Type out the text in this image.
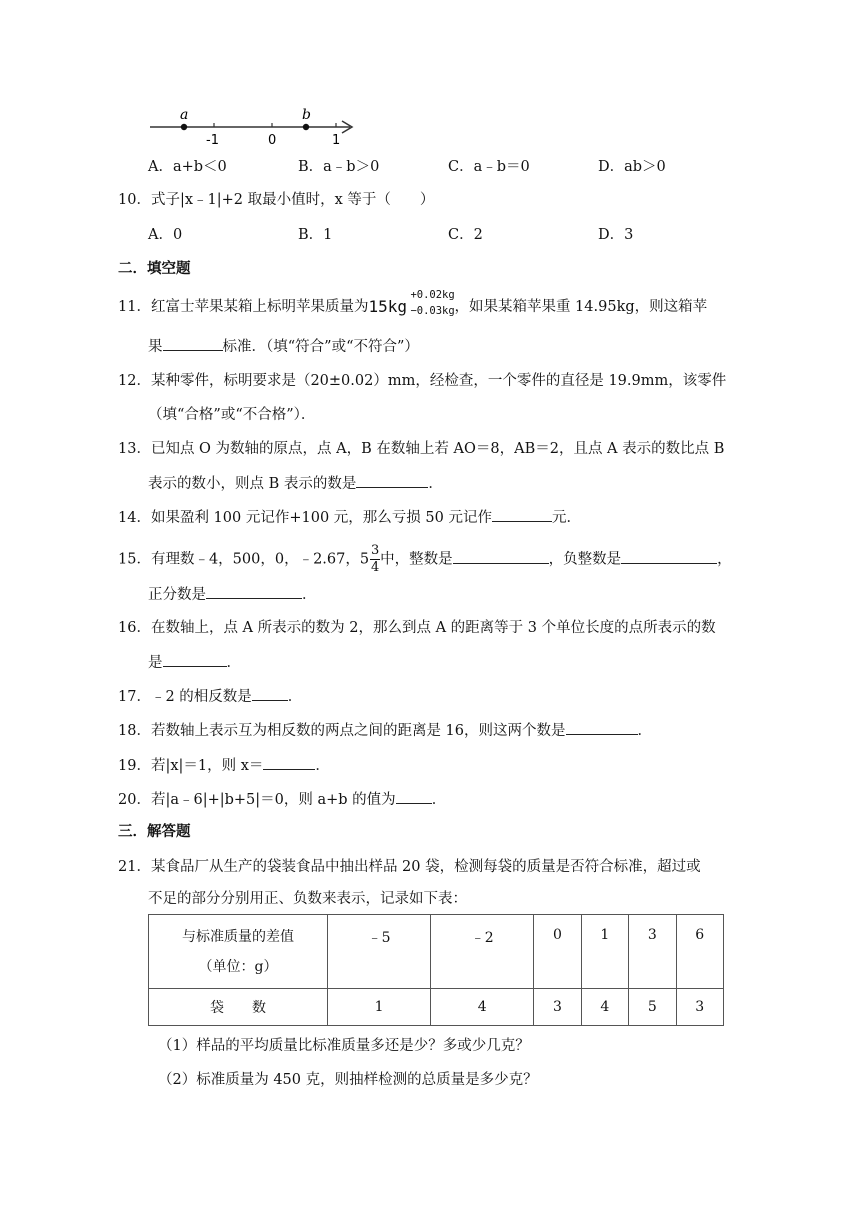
a	b
-1	0	1
A．a+b＜0	B．a﹣b＞0	C．a﹣b＝0	D．ab＞0
10．式子|x﹣1|+2 取最小值时，x 等于（　　）
A．0	B．1	C．2	D．3
二．填空题
11．红富士苹果某箱上标明苹果质量为 15kg
+0.02kg
−0.03kg ，如果某箱苹果重 14.95kg，则这箱苹
果	标准．（填“符合”或“不符合”）
12．某种零件，标明要求是（20±0.02）mm，经检查，一个零件的直径是 19.9mm，该零件
（填“合格”或“不合格”）．
13．已知点 O 为数轴的原点，点 A，B 在数轴上若 AO＝8，AB＝2，且点 A 表示的数比点 B
表示的数小，则点 B 表示的数是	．
14．如果盈利 100 元记作+100 元，那么亏损 50 元记作	元．
15．有理数﹣4，500，0，﹣2.67，$5 \frac{3}{4}$ 中，整数是	，负整数是	，
正分数是	．
16．在数轴上，点 A 所表示的数为 2，那么到点 A 的距离等于 3 个单位长度的点所表示的数
是	．
17．﹣2 的相反数是 ．
18．若数轴上表示互为相反数的两点之间的距离是 16，则这两个数是	．
19．若|x|＝1，则 x＝	．
20．若|a﹣6|+|b+5|＝0，则 a+b 的值为 ．
三．解答题
21．某食品厂从生产的袋装食品中抽出样品 20 袋，检测每袋的质量是否符合标准，超过或
不足的部分分别用正、负数来表示，记录如下表：
与标准质量的差值
（单位：g）	﹣5	﹣2	0	1	3	6
袋　　数	1	4	3	4	5	3
（1）样品的平均质量比标准质量多还是少？多或少几克？
（2）标准质量为 450 克，则抽样检测的总质量是多少克？
